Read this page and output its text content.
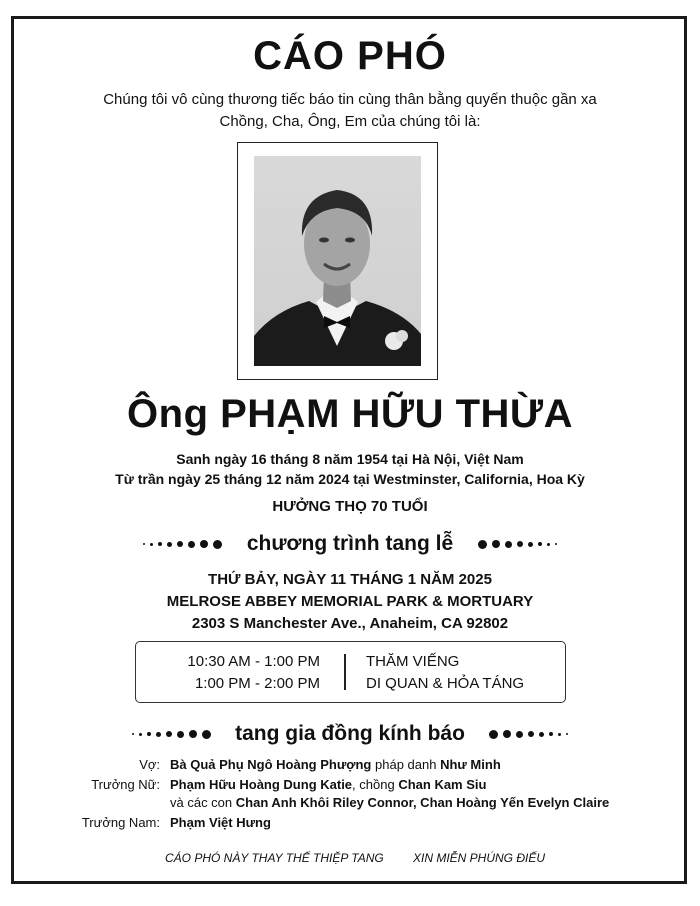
CÁO PHÓ
Chúng tôi vô cùng thương tiếc báo tin cùng thân bằng quyến thuộc gần xa
Chồng, Cha, Ông, Em của chúng tôi là:
Ông PHẠM HỮU THỪA
Sanh ngày 16 tháng 8 năm 1954 tại Hà Nội, Việt Nam
Từ trần ngày 25 tháng 12 năm 2024 tại Westminster, California, Hoa Kỳ
HƯỞNG THỌ 70 TUỔI
chương trình tang lễ
THỨ BẢY, NGÀY 11 THÁNG 1 NĂM 2025
MELROSE ABBEY MEMORIAL PARK & MORTUARY
2303 S Manchester Ave., Anaheim, CA 92802
10:30 AM - 1:00 PM	THĂM VIẾNG
1:00 PM - 2:00 PM	DI QUAN & HỎA TÁNG
tang gia đồng kính báo
Vợ: Bà Quả Phụ Ngô Hoàng Phượng pháp danh Như Minh
Trưởng Nữ: Phạm Hữu Hoàng Dung Katie, chồng Chan Kam Siu
và các con Chan Anh Khôi Riley Connor, Chan Hoàng Yến Evelyn Claire
Trưởng Nam: Phạm Việt Hưng
CÁO PHÓ NÀY THAY THẾ THIỆP TANG XIN MIỄN PHÚNG ĐIẾU
